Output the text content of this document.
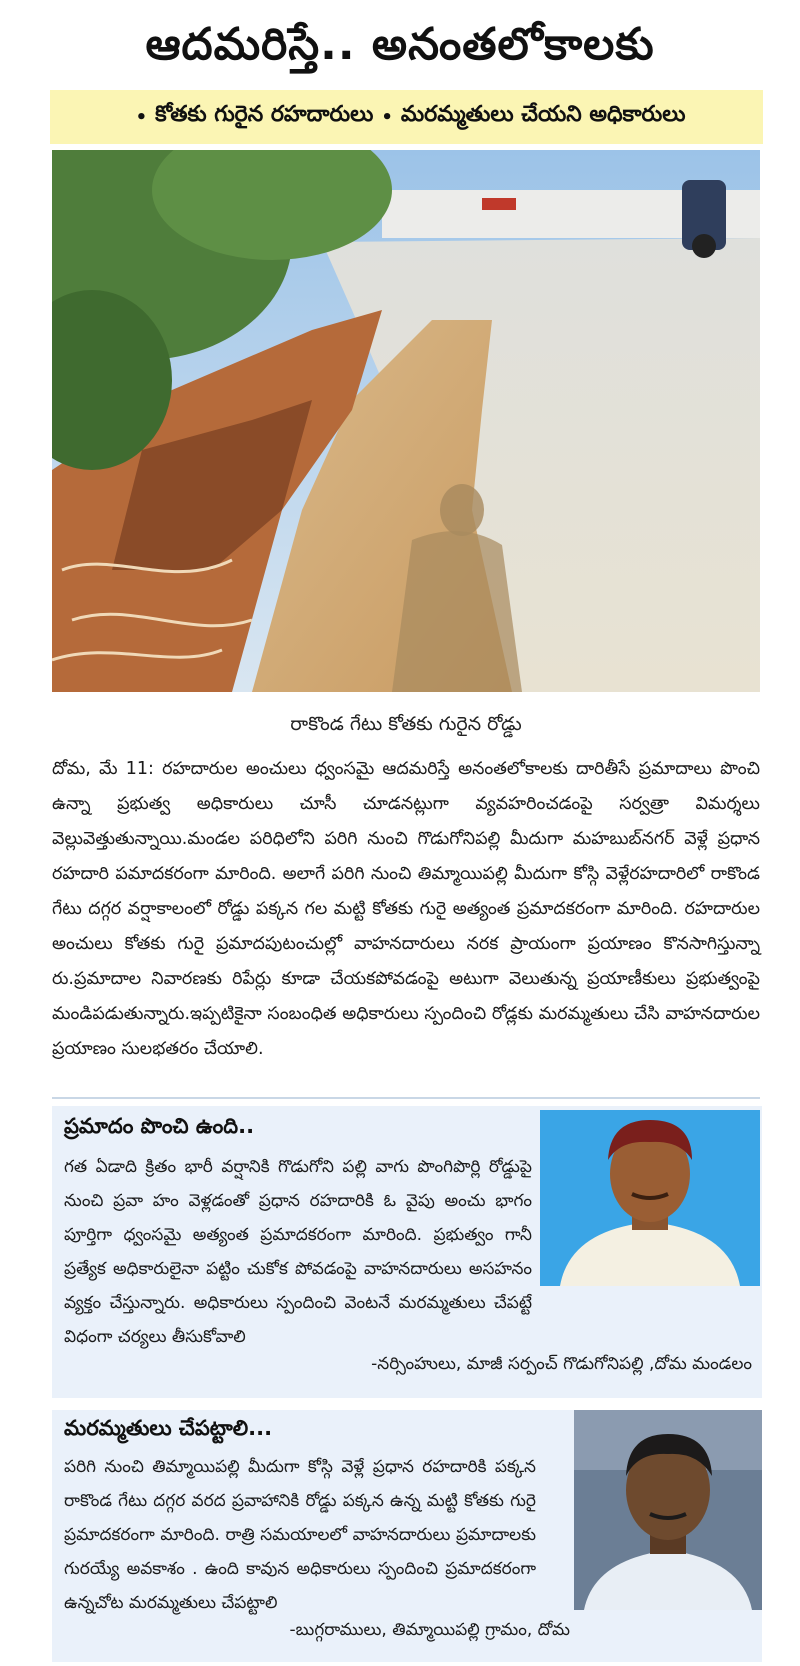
ఆదమరిస్తే.. అనంతలోకాలకు
• కోతకు గురైన రహదారులు • మరమ్మతులు చేయని అధికారులు
రాకొండ గేటు కోతకు గురైన రోడ్డు

దోమ, మే 11: రహదారుల అంచులు ధ్వంసమై ఆదమరిస్తే అనంతలోకాలకు దారితీసే ప్రమాదాలు పొంచి ఉన్నా ప్రభుత్వ అధికారులు చూసీ చూడనట్లుగా వ్యవహరించడంపై సర్వత్రా విమర్శలు వెల్లువెత్తుతున్నాయి.మండల పరిధిలోని పరిగి నుంచి గొడుగోనిపల్లి మీదుగా మహబుబ్‌నగర్ వెళ్లే ప్రధాన రహదారి పమాదకరంగా మారింది. అలాగే పరిగి నుంచి తిమ్మాయిపల్లి మీదుగా కోస్గి వెళ్లేరహదారిలో రాకొండ గేటు దగ్గర వర్షాకాలంలో రోడ్డు పక్కన గల మట్టి కోతకు గురై అత్యంత ప్రమాదకరంగా మారింది. రహదారుల అంచులు కోతకు గురై ప్రమాదపుటంచుల్లో వాహనదారులు నరక ప్రాయంగా ప్రయాణం కొనసాగిస్తున్నా రు.ప్రమాదాల నివారణకు రిపేర్లు కూడా చేయకపోవడంపై అటుగా వెలుతున్న ప్రయాణీకులు ప్రభుత్వంపై మండిపడుతున్నారు.ఇప్పటికైనా సంబంధిత అధికారులు స్పందించి రోడ్లకు మరమ్మతులు చేసి వాహనదారుల ప్రయాణం సులభతరం చేయాలి.

ప్రమాదం పొంచి ఉంది..
గత ఏడాది క్రితం భారీ వర్షానికి గొడుగోని పల్లి వాగు పొంగిపొర్లి రోడ్డుపై నుంచి ప్రవా హం వెళ్లడంతో ప్రధాన రహదారికి ఓ వైపు అంచు భాగం పూర్తిగా ధ్వంసమై అత్యంత ప్రమాదకరంగా మారింది. ప్రభుత్వం గానీ ప్రత్యేక అధికారులైనా పట్టిం చుకోక పోవడంపై వాహనదారులు అసహనం వ్యక్తం చేస్తున్నారు. అధికారులు స్పందించి వెంటనే మరమ్మతులు చేపట్టే విధంగా చర్యలు తీసుకోవాలి
-నర్సింహులు, మాజీ సర్పంచ్ గొడుగోనిపల్లి ,దోమ మండలం
మరమ్మతులు చేపట్టాలి...
పరిగి నుంచి తిమ్మాయిపల్లి మీదుగా కోస్గి వెళ్లే ప్రధాన రహదారికి పక్కన రాకొండ గేటు దగ్గర వరద ప్రవాహానికి రోడ్డు పక్కన ఉన్న మట్టి కోతకు గురై ప్రమాదకరంగా మారింది. రాత్రి సమయాలలో వాహనదారులు ప్రమాదాలకు గురయ్యే అవకాశం . ఉంది కావున అధికారులు స్పందించి ప్రమాదకరంగా ఉన్నచోట మరమ్మతులు చేపట్టాలి
-బుగ్గరాములు, తిమ్మాయిపల్లి గ్రామం, దోమ
